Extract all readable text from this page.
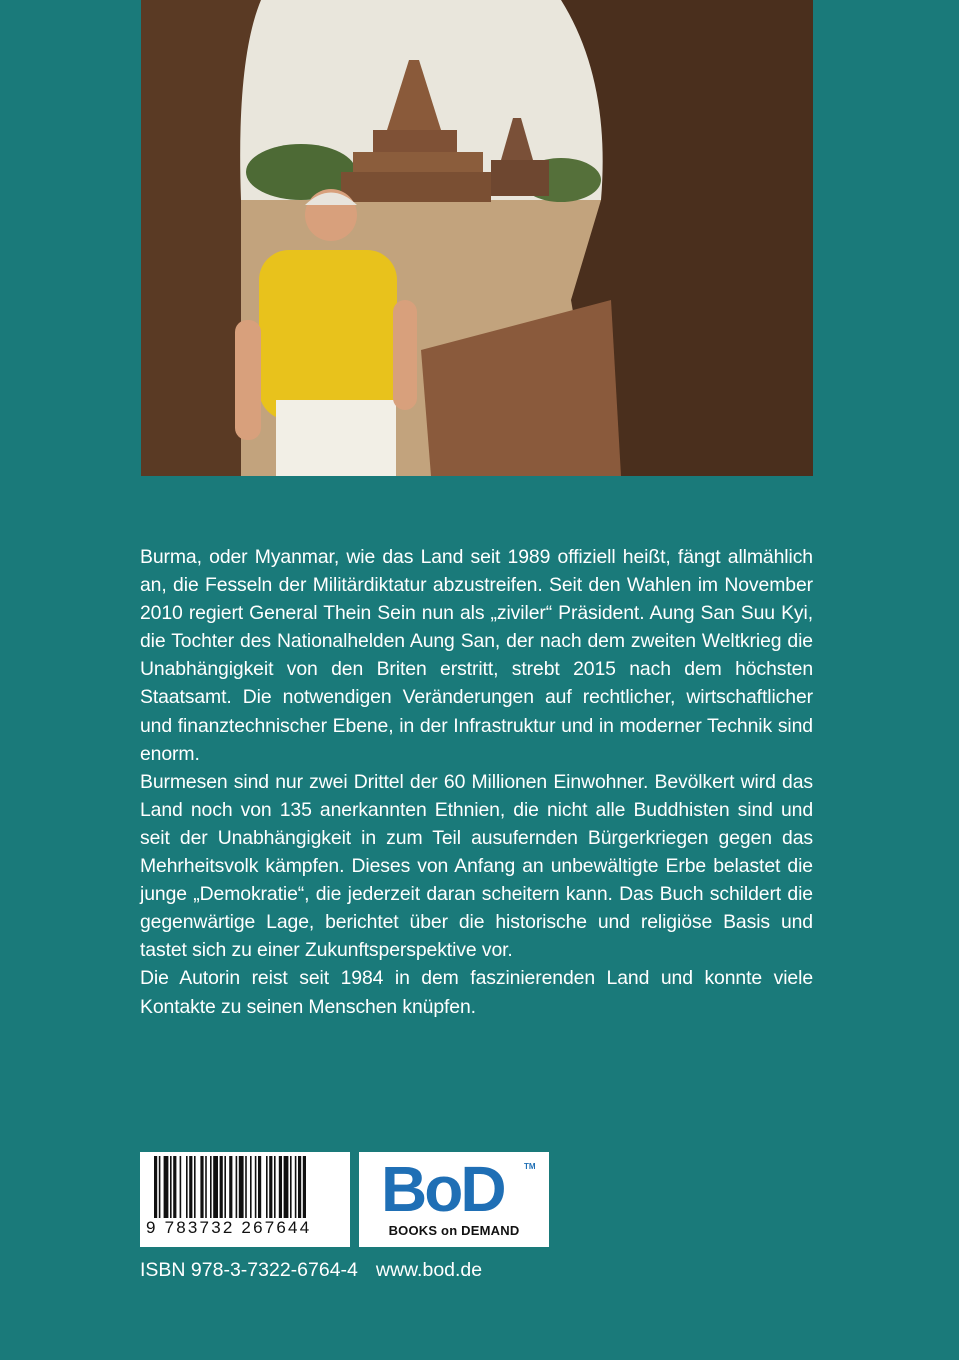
Burma, oder Myanmar, wie das Land seit 1989 offiziell heißt, fängt allmählich an, die Fesseln der Militärdiktatur abzustreifen. Seit den Wahlen im November 2010 regiert General Thein Sein nun als „ziviler“ Präsident. Aung San Suu Kyi, die Tochter des Nationalhelden Aung San, der nach dem zweiten Weltkrieg die Unabhängigkeit von den Briten erstritt, strebt 2015 nach dem höchsten Staatsamt. Die notwendigen Veränderungen auf rechtlicher, wirtschaftlicher und finanztechnischer Ebene, in der Infrastruktur und in moderner Technik sind enorm.

Burmesen sind nur zwei Drittel der 60 Millionen Einwohner. Bevölkert wird das Land noch von 135 anerkannten Ethnien, die nicht alle Buddhisten sind und seit der Unabhängigkeit in zum Teil ausufernden Bürgerkriegen gegen das Mehrheitsvolk kämpfen. Dieses von Anfang an unbewältigte Erbe belastet die junge „Demokratie“, die jederzeit daran scheitern kann. Das Buch schildert die gegenwärtige Lage, berichtet über die historische und religiöse Basis und tastet sich zu einer Zukunftsperspektive vor.

Die Autorin reist seit 1984 in dem faszinierenden Land und konnte viele Kontakte zu seinen Menschen knüpfen.

9 783732 267644
BoD	TM
BOOKS on DEMAND
ISBN 978-3-7322-6764-4 www.bod.de
